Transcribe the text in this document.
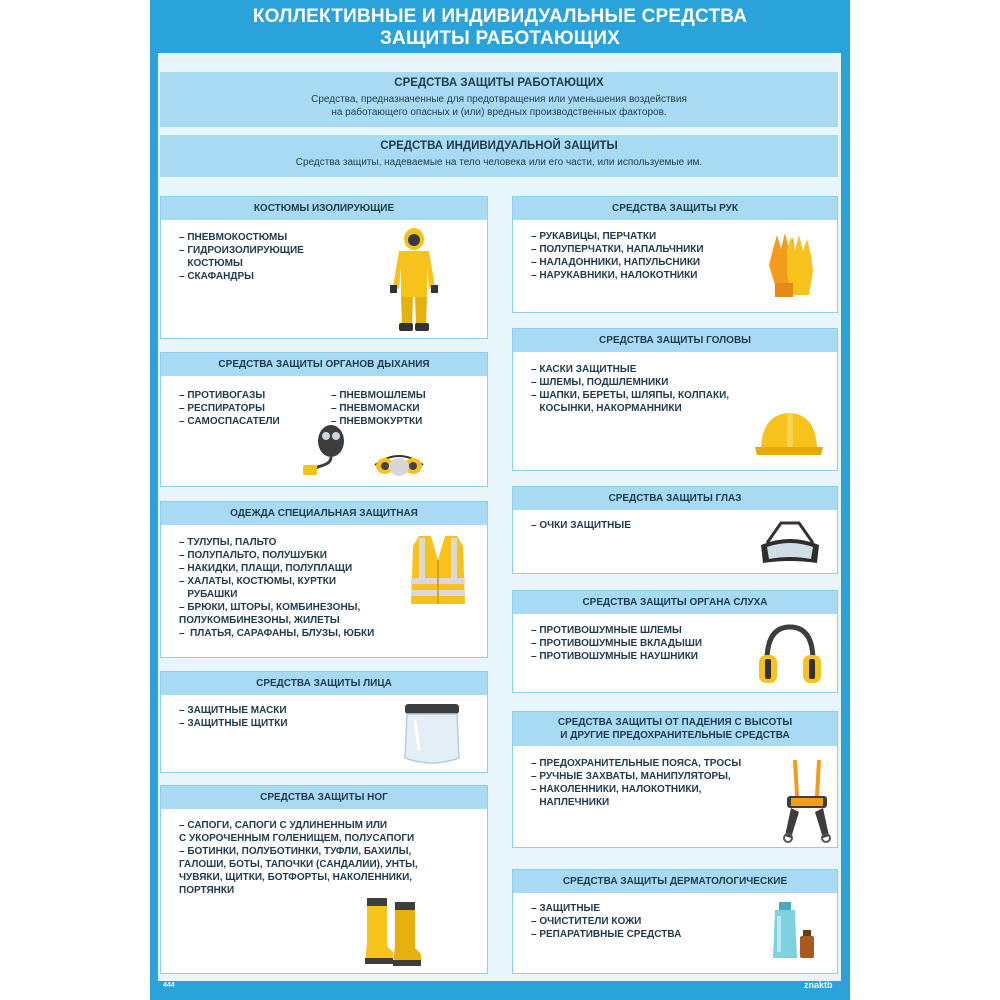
КОЛЛЕКТИВНЫЕ И ИНДИВИДУАЛЬНЫЕ СРЕДСТВА
ЗАЩИТЫ РАБОТАЮЩИХ
СРЕДСТВА ЗАЩИТЫ РАБОТАЮЩИХ
Средства, предназначенные для предотвращения или уменьшения воздействия
на работающего опасных и (или) вредных производственных факторов.
СРЕДСТВА ИНДИВИДУАЛЬНОЙ ЗАЩИТЫ
Средства защиты, надеваемые на тело человека или его части, или используемые им.
КОСТЮМЫ ИЗОЛИРУЮЩИЕ
– ПНЕВМОКОСТЮМЫ
– ГИДРОИЗОЛИРУЮЩИЕ
КОСТЮМЫ
– СКАФАНДРЫ
СРЕДСТВА ЗАЩИТЫ ОРГАНОВ ДЫХАНИЯ
– ПРОТИВОГАЗЫ
– РЕСПИРАТОРЫ
– САМОСПАСАТЕЛИ
– ПНЕВМОШЛЕМЫ
– ПНЕВМОМАСКИ
– ПНЕВМОКУРТКИ
ОДЕЖДА СПЕЦИАЛЬНАЯ ЗАЩИТНАЯ
– ТУЛУПЫ, ПАЛЬТО
– ПОЛУПАЛЬТО, ПОЛУШУБКИ
– НАКИДКИ, ПЛАЩИ, ПОЛУПЛАЩИ
– ХАЛАТЫ, КОСТЮМЫ, КУРТКИ
РУБАШКИ
– БРЮКИ, ШТОРЫ, КОМБИНЕЗОНЫ,
ПОЛУКОМБИНЕЗОНЫ, ЖИЛЕТЫ
–  ПЛАТЬЯ, САРАФАНЫ, БЛУЗЫ, ЮБКИ
СРЕДСТВА ЗАЩИТЫ ЛИЦА
– ЗАЩИТНЫЕ МАСКИ
– ЗАЩИТНЫЕ ЩИТКИ
СРЕДСТВА ЗАЩИТЫ НОГ
– САПОГИ, САПОГИ С УДЛИНЕННЫМ ИЛИ
С УКОРОЧЕННЫМ ГОЛЕНИЩЕМ, ПОЛУСАПОГИ
– БОТИНКИ, ПОЛУБОТИНКИ, ТУФЛИ, БАХИЛЫ,
ГАЛОШИ, БОТЫ, ТАПОЧКИ (САНДАЛИИ), УНТЫ,
ЧУВЯКИ, ЩИТКИ, БОТФОРТЫ, НАКОЛЕННИКИ,
ПОРТЯНКИ
СРЕДСТВА ЗАЩИТЫ РУК
– РУКАВИЦЫ, ПЕРЧАТКИ
– ПОЛУПЕРЧАТКИ, НАПАЛЬЧНИКИ
– НАЛАДОННИКИ, НАПУЛЬСНИКИ
– НАРУКАВНИКИ, НАЛОКОТНИКИ
СРЕДСТВА ЗАЩИТЫ ГОЛОВЫ
– КАСКИ ЗАЩИТНЫЕ
– ШЛЕМЫ, ПОДШЛЕМНИКИ
– ШАПКИ, БЕРЕТЫ, ШЛЯПЫ, КОЛПАКИ,
КОСЫНКИ, НАКОРМАННИКИ
СРЕДСТВА ЗАЩИТЫ ГЛАЗ
– ОЧКИ ЗАЩИТНЫЕ
СРЕДСТВА ЗАЩИТЫ ОРГАНА СЛУХА
– ПРОТИВОШУМНЫЕ ШЛЕМЫ
– ПРОТИВОШУМНЫЕ ВКЛАДЫШИ
– ПРОТИВОШУМНЫЕ НАУШНИКИ
СРЕДСТВА ЗАЩИТЫ ОТ ПАДЕНИЯ С ВЫСОТЫ
И ДРУГИЕ ПРЕДОХРАНИТЕЛЬНЫЕ СРЕДСТВА
– ПРЕДОХРАНИТЕЛЬНЫЕ ПОЯСА, ТРОСЫ
– РУЧНЫЕ ЗАХВАТЫ, МАНИПУЛЯТОРЫ,
– НАКОЛЕННИКИ, НАЛОКОТНИКИ,
НАПЛЕЧНИКИ
СРЕДСТВА ЗАЩИТЫ ДЕРМАТОЛОГИЧЕСКИЕ
– ЗАЩИТНЫЕ
– ОЧИСТИТЕЛИ КОЖИ
– РЕПАРАТИВНЫЕ СРЕДСТВА
444	znaktb
